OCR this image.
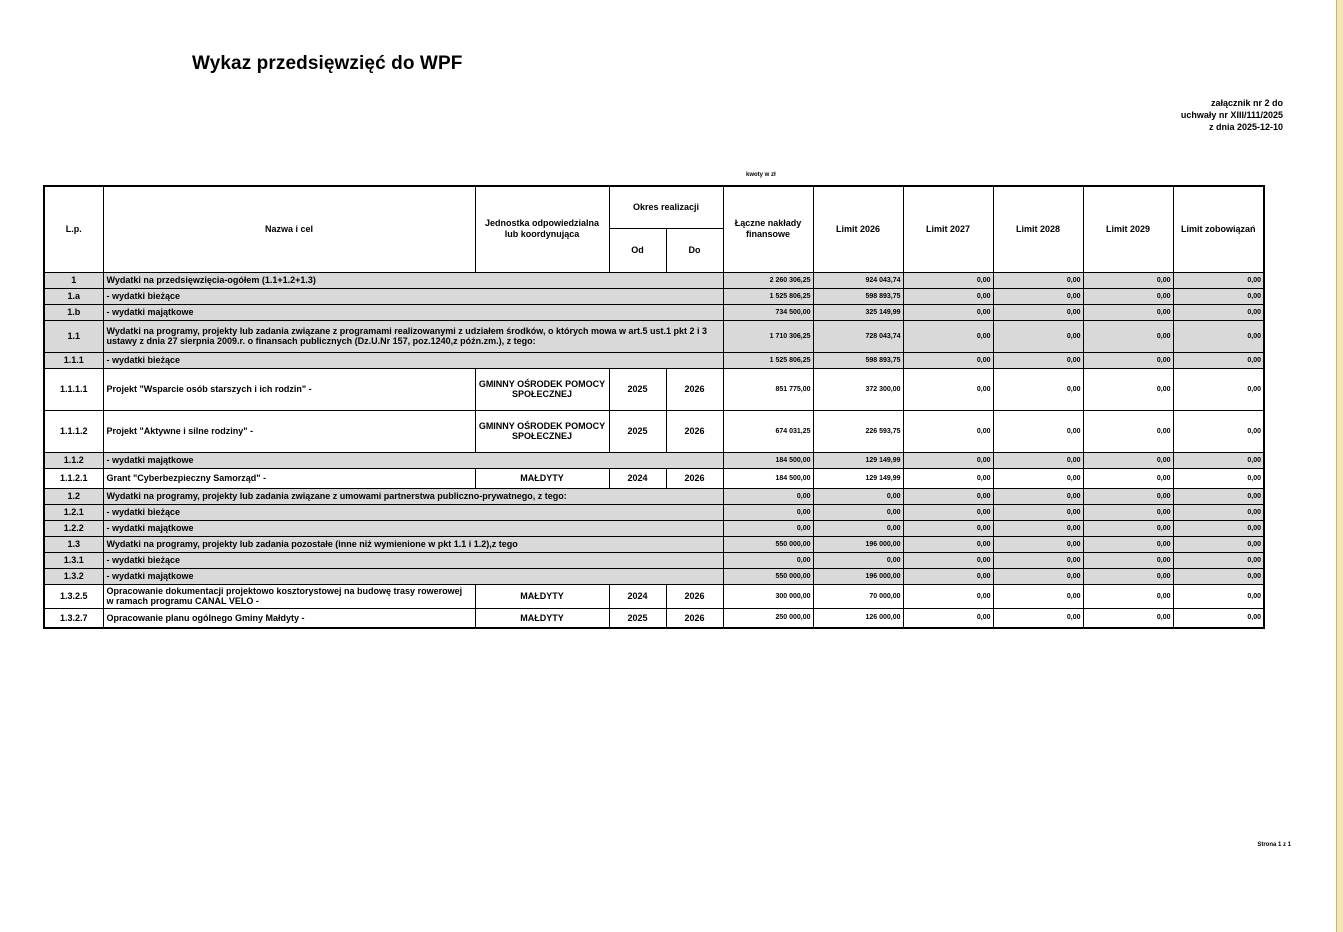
Wykaz przedsięwzięć do WPF
załącznik nr 2 do
uchwały nr XIII/111/2025
z dnia 2025-12-10
kwoty w zł
L.p.	Nazwa i cel	Jednostka odpowiedzialna lub koordynująca	Okres realizacji		Łączne nakłady finansowe	Limit 2026	Limit 2027	Limit 2028	Limit 2029	Limit zobowiązań
			Od	Do						
1	Wydatki na przedsięwzięcia-ogółem (1.1+1.2+1.3)				2 260 306,25	924 043,74	0,00	0,00	0,00	0,00
1.a	- wydatki bieżące				1 525 806,25	598 893,75	0,00	0,00	0,00	0,00
1.b	- wydatki majątkowe				734 500,00	325 149,99	0,00	0,00	0,00	0,00
1.1	Wydatki na programy, projekty lub zadania związane z programami realizowanymi z udziałem środków, o których mowa w art.5 ust.1 pkt 2 i 3 ustawy z dnia 27 sierpnia 2009.r. o finansach publicznych (Dz.U.Nr 157, poz.1240,z późn.zm.), z tego:				1 710 306,25	728 043,74	0,00	0,00	0,00	0,00
1.1.1	- wydatki bieżące				1 525 806,25	598 893,75	0,00	0,00	0,00	0,00
1.1.1.1	Projekt "Wsparcie osób starszych i ich rodzin" -	GMINNY OŚRODEK POMOCY SPOŁECZNEJ	2025	2026	851 775,00	372 300,00	0,00	0,00	0,00	0,00
1.1.1.2	Projekt "Aktywne i silne rodziny" -	GMINNY OŚRODEK POMOCY SPOŁECZNEJ	2025	2026	674 031,25	226 593,75	0,00	0,00	0,00	0,00
1.1.2	- wydatki majątkowe				184 500,00	129 149,99	0,00	0,00	0,00	0,00
1.1.2.1	Grant "Cyberbezpieczny Samorząd" -	MAŁDYTY	2024	2026	184 500,00	129 149,99	0,00	0,00	0,00	0,00
1.2	Wydatki na programy, projekty lub zadania związane z umowami partnerstwa publiczno-prywatnego, z tego:				0,00	0,00	0,00	0,00	0,00	0,00
1.2.1	- wydatki bieżące				0,00	0,00	0,00	0,00	0,00	0,00
1.2.2	- wydatki majątkowe				0,00	0,00	0,00	0,00	0,00	0,00
1.3	Wydatki na programy, projekty lub zadania pozostałe (inne niż wymienione w pkt 1.1 i 1.2),z tego				550 000,00	196 000,00	0,00	0,00	0,00	0,00
1.3.1	- wydatki bieżące				0,00	0,00	0,00	0,00	0,00	0,00
1.3.2	- wydatki majątkowe				550 000,00	196 000,00	0,00	0,00	0,00	0,00
1.3.2.5	Opracowanie dokumentacji projektowo kosztorystowej na budowę trasy rowerowej w ramach programu CANAL VELO -	MAŁDYTY	2024	2026	300 000,00	70 000,00	0,00	0,00	0,00	0,00
1.3.2.7	Opracowanie planu ogólnego Gminy Małdyty -	MAŁDYTY	2025	2026	250 000,00	126 000,00	0,00	0,00	0,00	0,00
Strona 1 z 1
